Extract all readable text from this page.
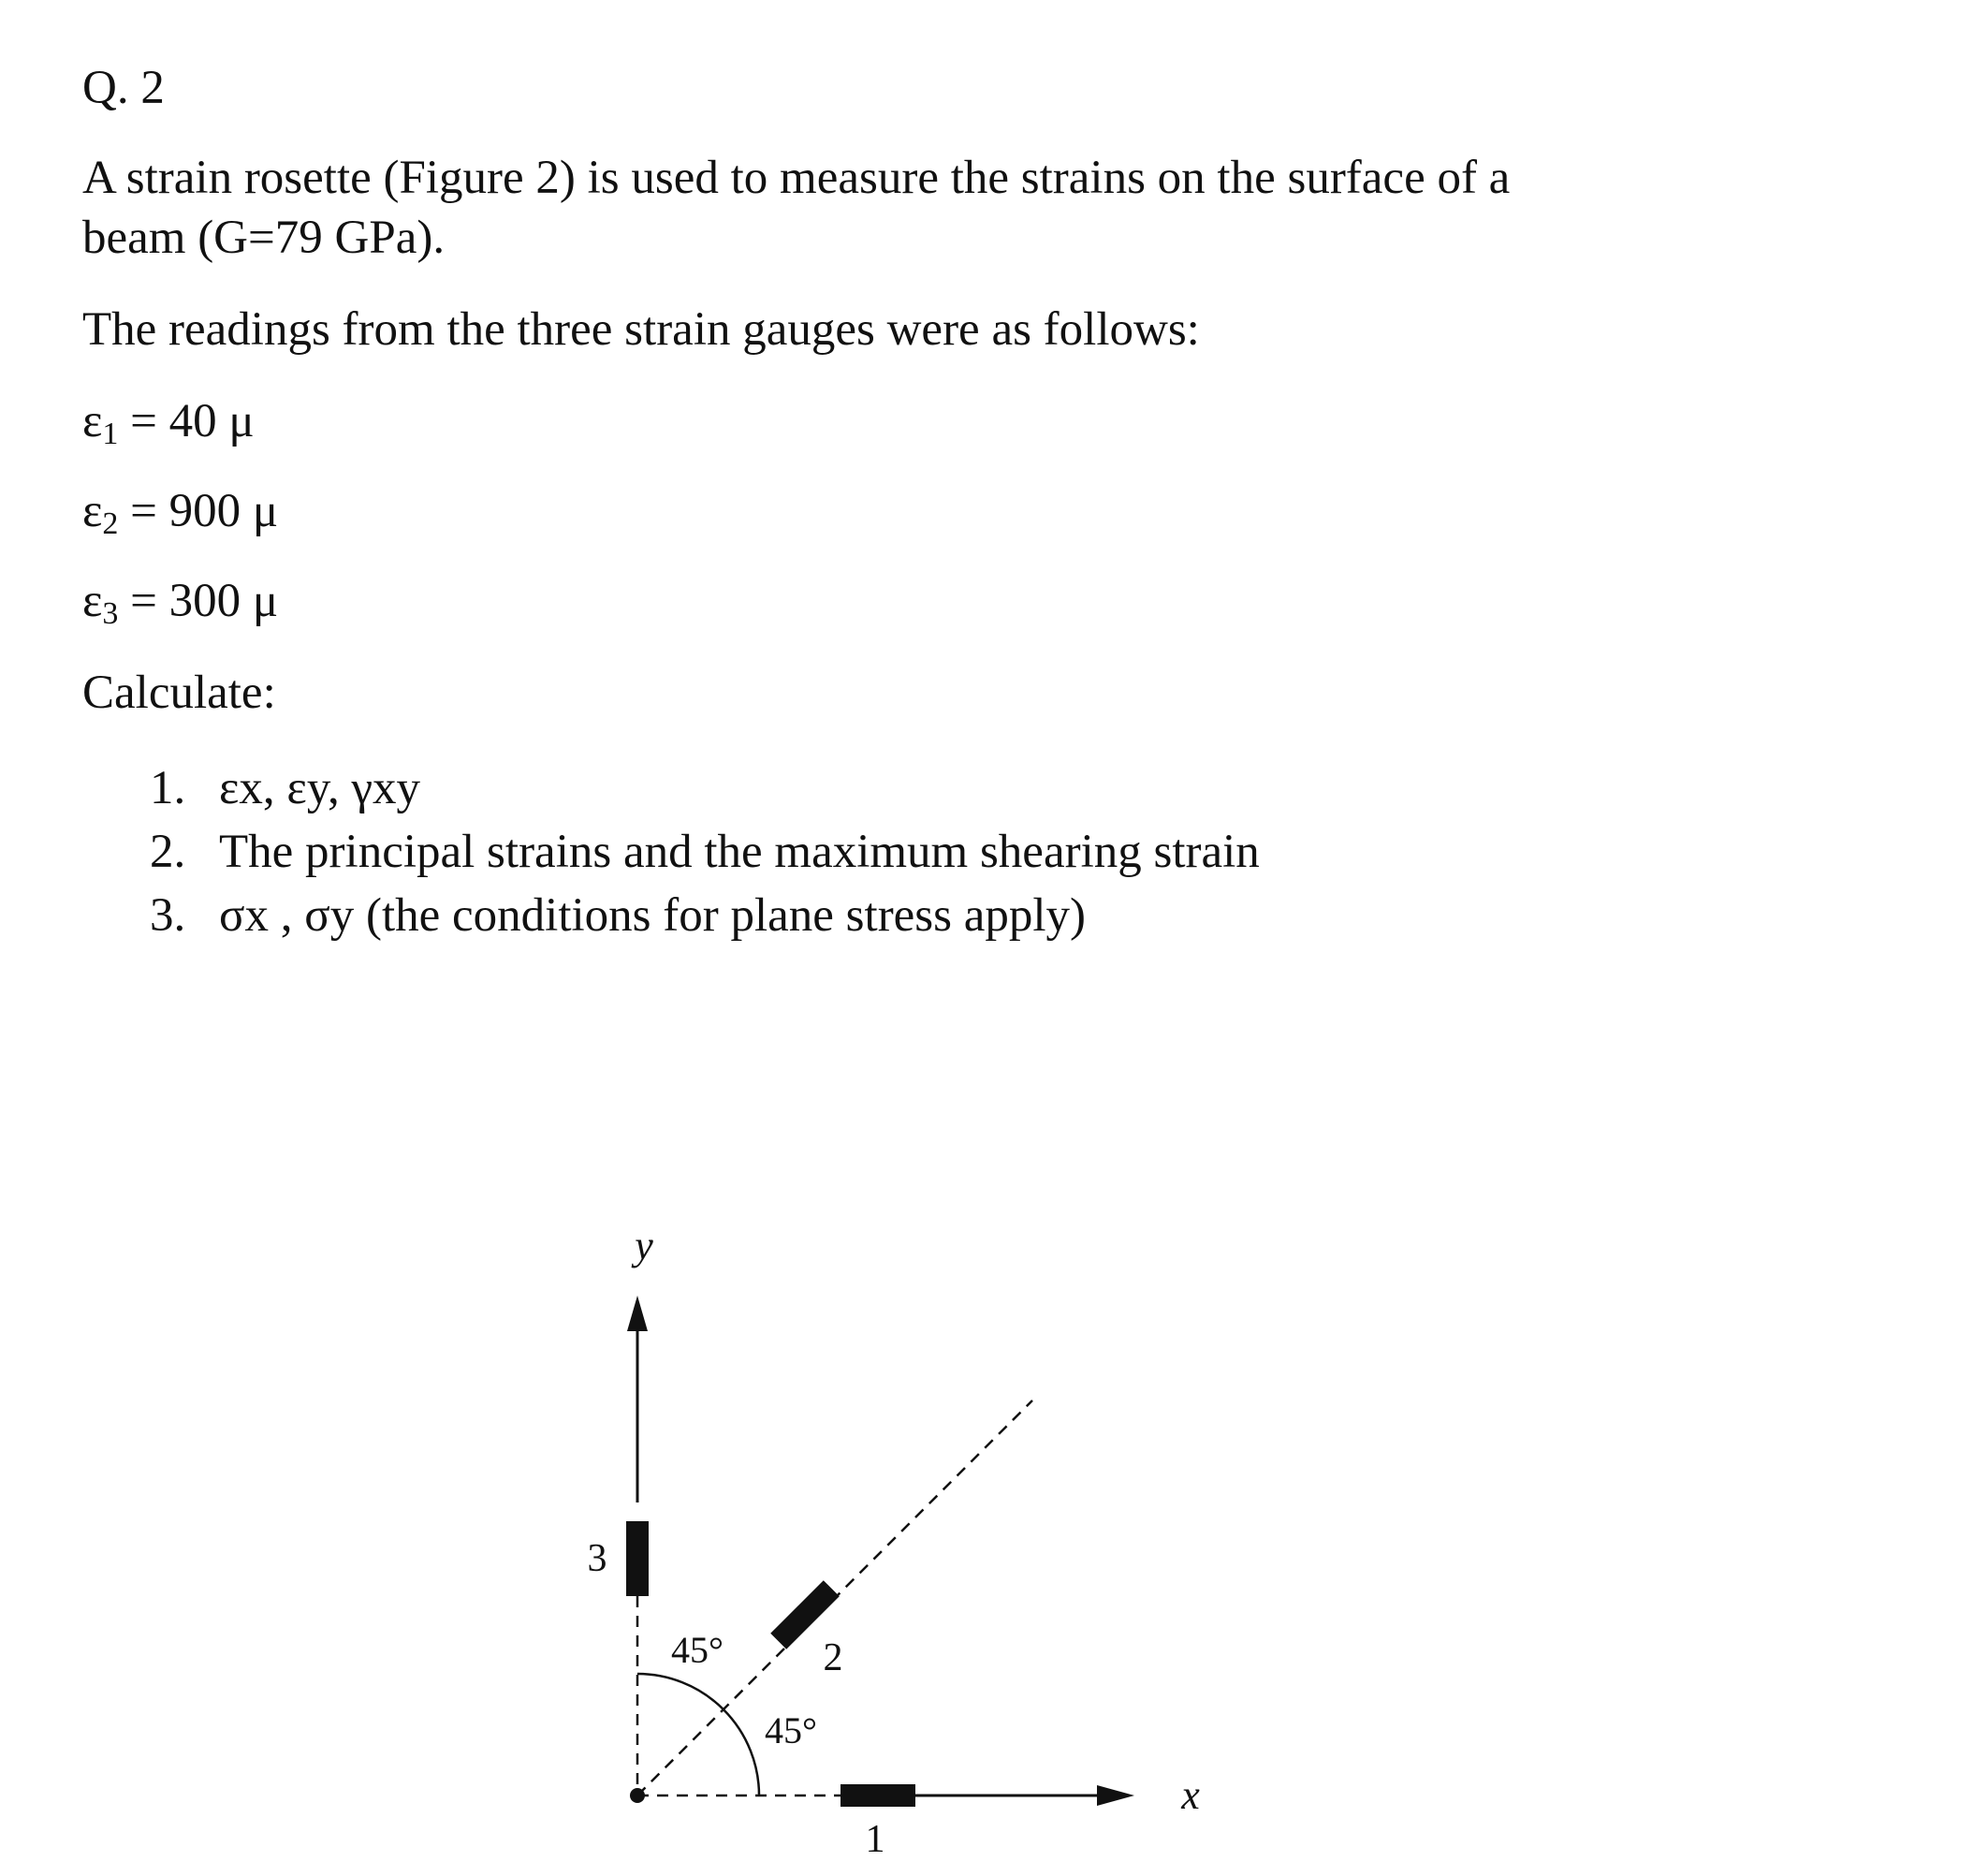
Q. 2
A strain rosette (Figure 2) is used to measure the strains on the surface of a
beam (G=79 GPa).
The readings from the three strain gauges were as follows:
ε1 = 40 μ
ε2 = 900 μ
ε3 = 300 μ
Calculate:
1. εx, εy, γxy
2. The principal strains and the maximum shearing strain
3. σx , σy (the conditions for plane stress apply)
y
x
3
1
2
45°
45°
